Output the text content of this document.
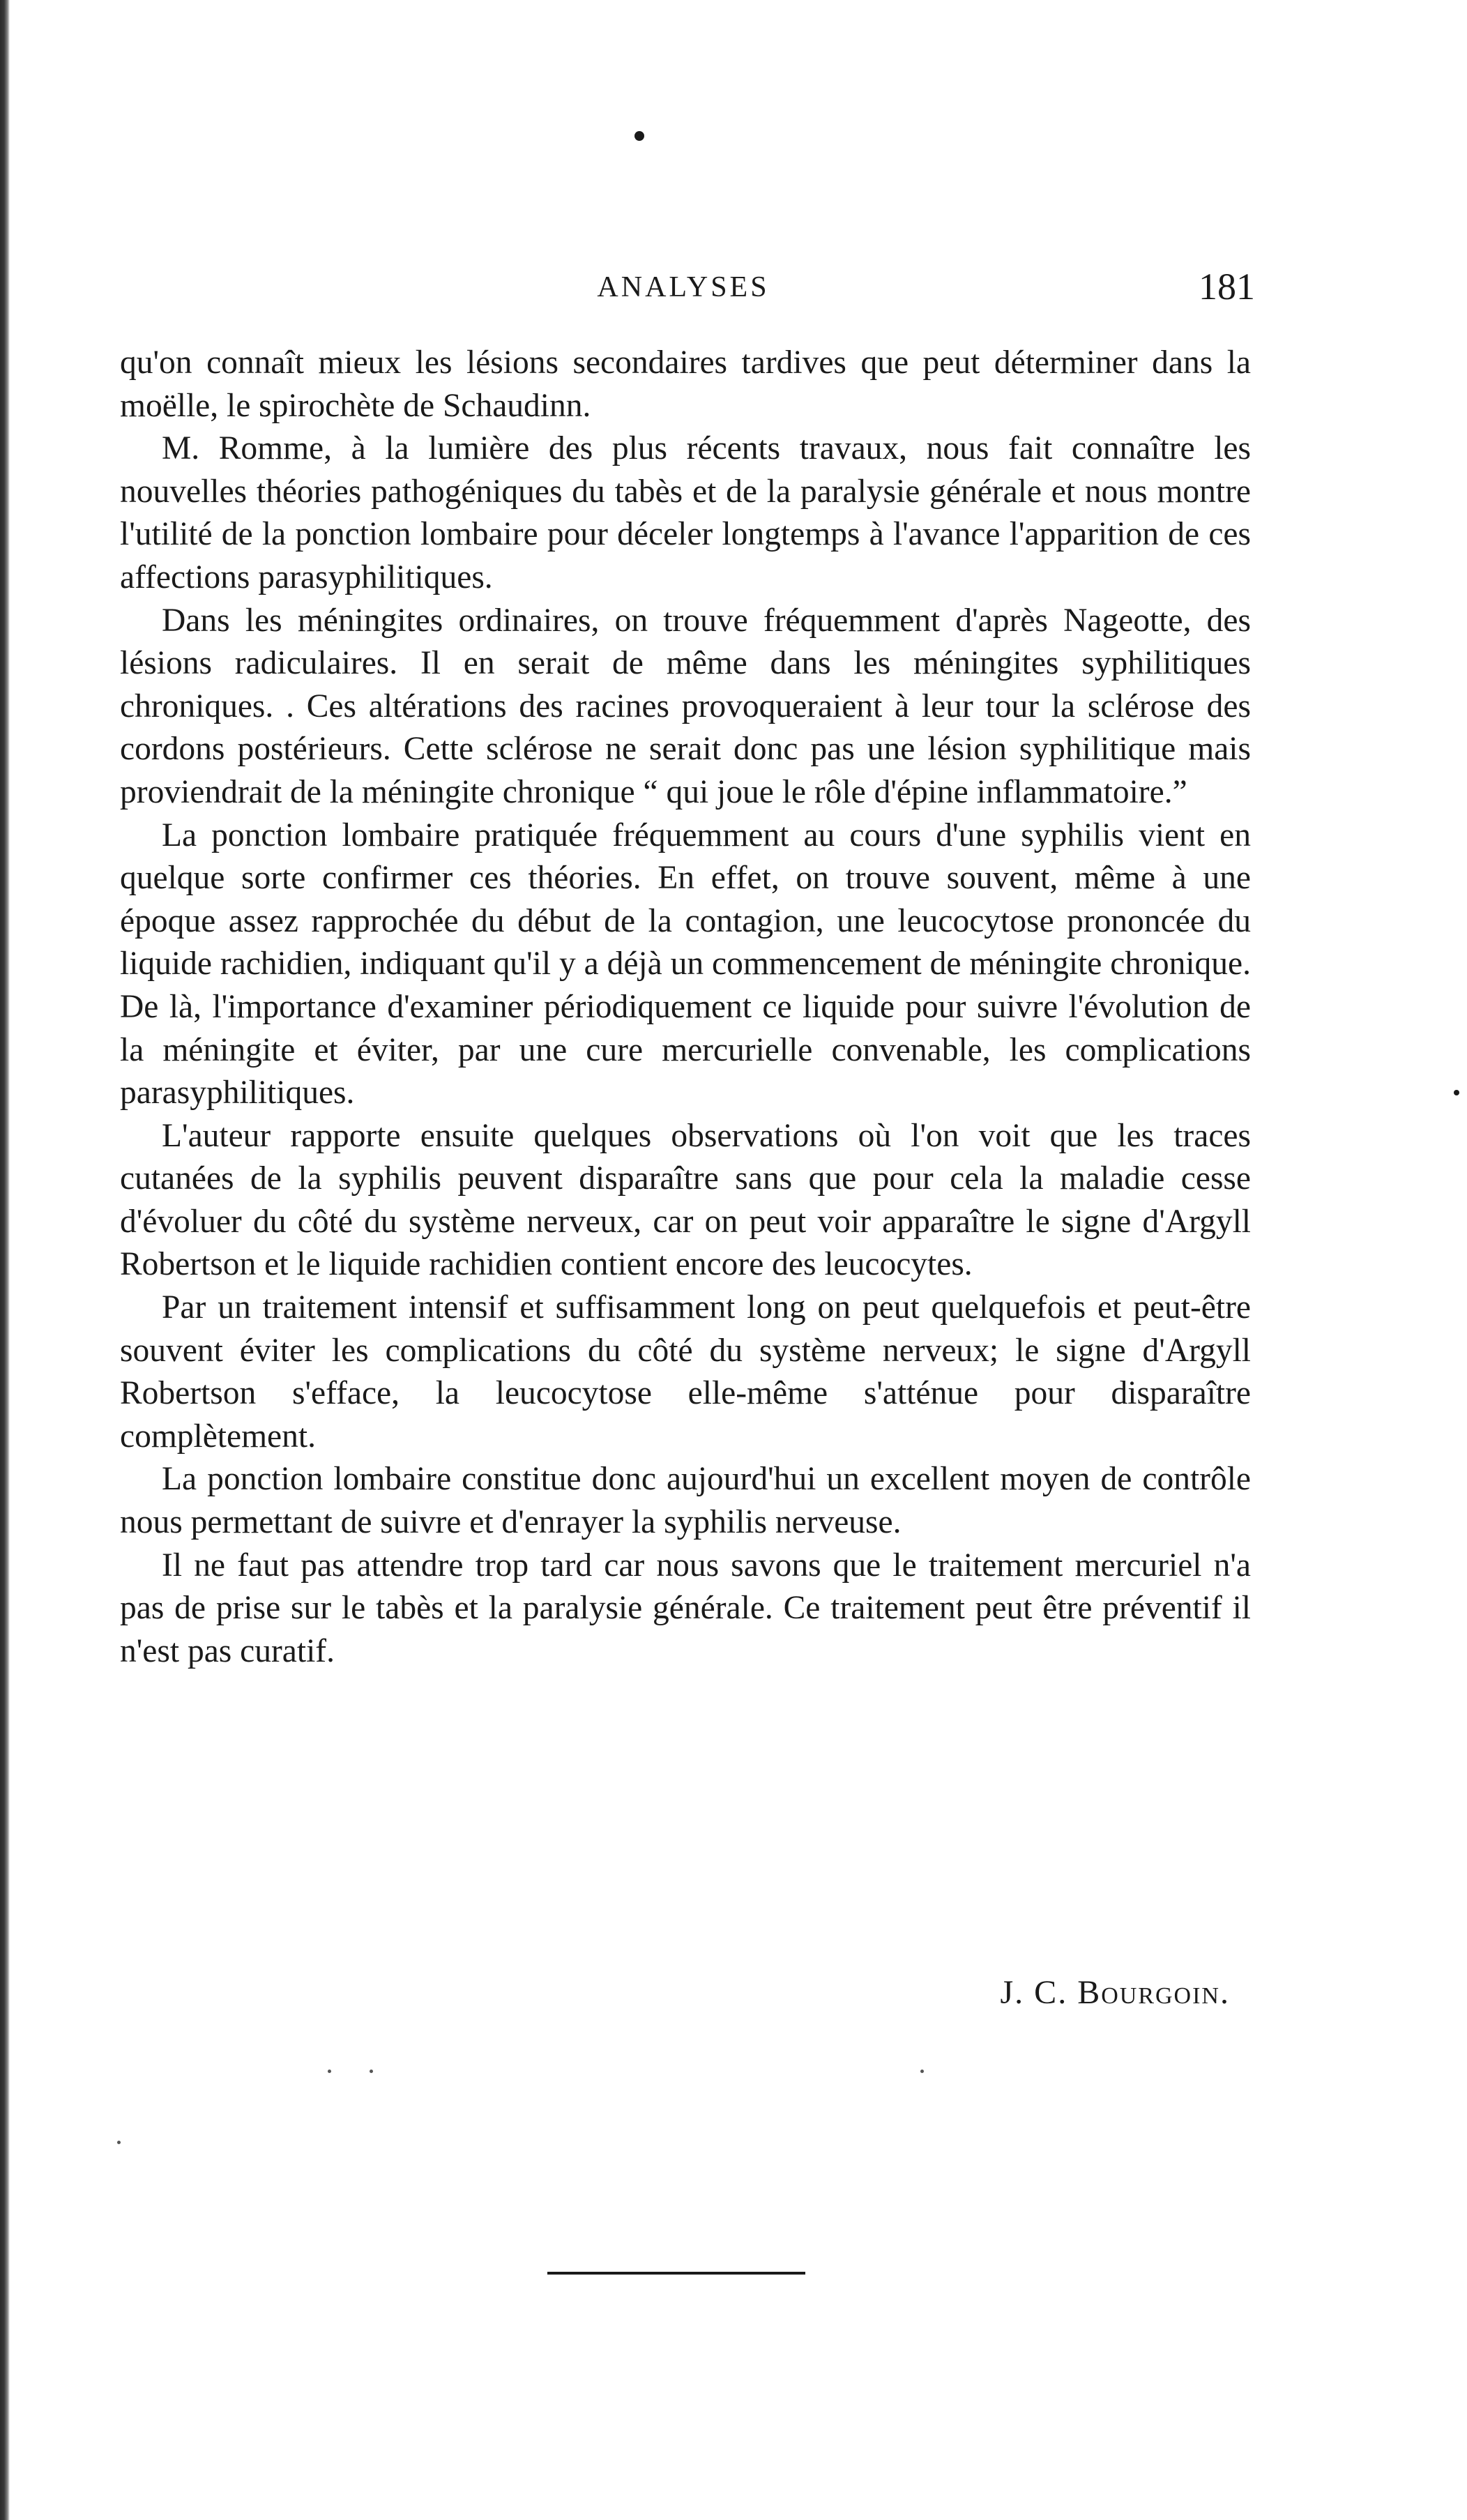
ANALYSES	181

qu'on connaît mieux les lésions secondaires tardives que peut déterminer dans la moëlle, le spirochète de Schaudinn.

M. Romme, à la lumière des plus récents travaux, nous fait connaître les nouvelles théories pathogéniques du tabès et de la paralysie générale et nous montre l'utilité de la ponction lombaire pour déceler longtemps à l'avance l'apparition de ces affections parasyphilitiques.

Dans les méningites ordinaires, on trouve fréquemment d'après Nageotte, des lésions radiculaires. Il en serait de même dans les méningites syphilitiques chroniques. . Ces altérations des racines provoqueraient à leur tour la sclérose des cordons postérieurs. Cette sclérose ne serait donc pas une lésion syphilitique mais proviendrait de la méningite chronique “ qui joue le rôle d'épine inflammatoire.”

La ponction lombaire pratiquée fréquemment au cours d'une syphilis vient en quelque sorte confirmer ces théories. En effet, on trouve souvent, même à une époque assez rapprochée du début de la contagion, une leucocytose prononcée du liquide rachidien, indiquant qu'il y a déjà un commencement de méningite chronique. De là, l'importance d'examiner périodiquement ce liquide pour suivre l'évolution de la méningite et éviter, par une cure mercurielle convenable, les complications parasyphilitiques.

L'auteur rapporte ensuite quelques observations où l'on voit que les traces cutanées de la syphilis peuvent disparaître sans que pour cela la maladie cesse d'évoluer du côté du système nerveux, car on peut voir apparaître le signe d'Argyll Robertson et le liquide rachidien contient encore des leucocytes.

Par un traitement intensif et suffisamment long on peut quelquefois et peut-être souvent éviter les complications du côté du système nerveux; le signe d'Argyll Robertson s'efface, la leucocytose elle-même s'atténue pour disparaître complètement.

La ponction lombaire constitue donc aujourd'hui un excellent moyen de contrôle nous permettant de suivre et d'enrayer la syphilis nerveuse.

Il ne faut pas attendre trop tard car nous savons que le traitement mercuriel n'a pas de prise sur le tabès et la paralysie générale. Ce traitement peut être préventif il n'est pas curatif.

J. C. Bourgoin.
